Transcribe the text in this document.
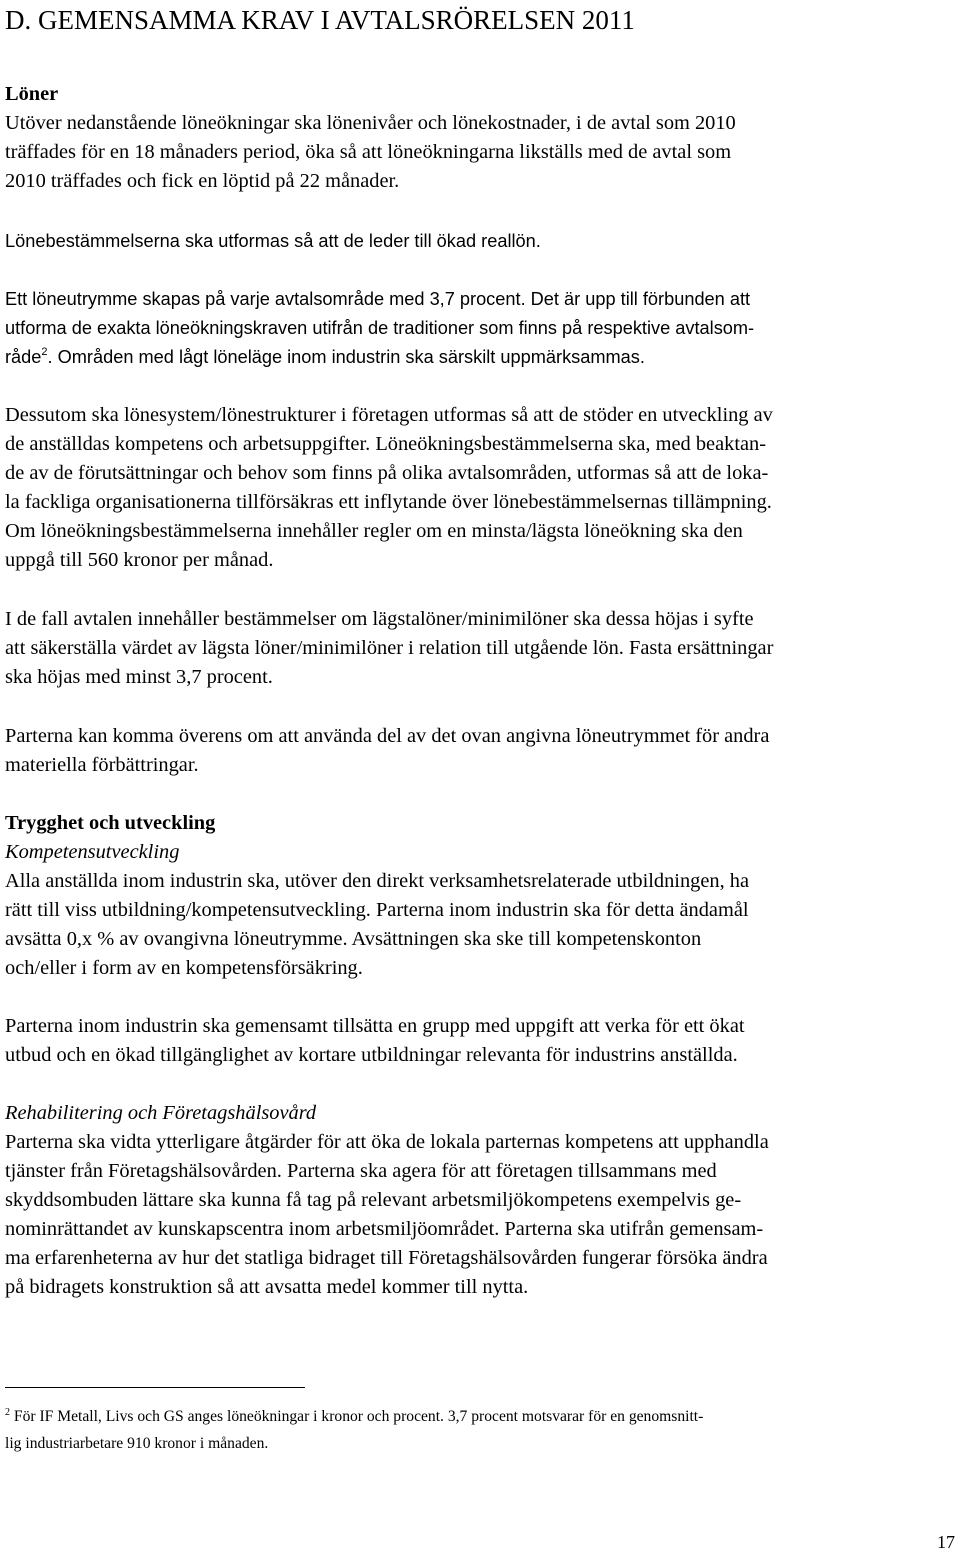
D. GEMENSAMMA KRAV I AVTALSRÖRELSEN 2011
Löner
Utöver nedanstående löneökningar ska lönenivåer och lönekostnader, i de avtal som 2010
träffades för en 18 månaders period, öka så att löneökningarna likställs med de avtal som
2010 träffades och fick en löptid på 22 månader.
Lönebestämmelserna ska utformas så att de leder till ökad reallön.
Ett löneutrymme skapas på varje avtalsområde med 3,7 procent. Det är upp till förbunden att
utforma de exakta löneökningskraven utifrån de traditioner som finns på respektive avtalsom-
råde$^2$. Områden med lågt löneläge inom industrin ska särskilt uppmärksammas.
Dessutom ska lönesystem/lönestrukturer i företagen utformas så att de stöder en utveckling av
de anställdas kompetens och arbetsuppgifter. Löneökningsbestämmelserna ska, med beaktan-
de av de förutsättningar och behov som finns på olika avtalsområden, utformas så att de loka-
la fackliga organisationerna tillförsäkras ett inflytande över lönebestämmelsernas tillämpning.
Om löneökningsbestämmelserna innehåller regler om en minsta/lägsta löneökning ska den
uppgå till 560 kronor per månad.
I de fall avtalen innehåller bestämmelser om lägstalöner/minimilöner ska dessa höjas i syfte
att säkerställa värdet av lägsta löner/minimilöner i relation till utgående lön. Fasta ersättningar
ska höjas med minst 3,7 procent.
Parterna kan komma överens om att använda del av det ovan angivna löneutrymmet för andra
materiella förbättringar.
Trygghet och utveckling
Kompetensutveckling
Alla anställda inom industrin ska, utöver den direkt verksamhetsrelaterade utbildningen, ha
rätt till viss utbildning/kompetensutveckling. Parterna inom industrin ska för detta ändamål
avsätta 0,x % av ovangivna löneutrymme. Avsättningen ska ske till kompetenskonton
och/eller i form av en kompetensförsäkring.
Parterna inom industrin ska gemensamt tillsätta en grupp med uppgift att verka för ett ökat
utbud och en ökad tillgänglighet av kortare utbildningar relevanta för industrins anställda.
Rehabilitering och Företagshälsovård
Parterna ska vidta ytterligare åtgärder för att öka de lokala parternas kompetens att upphandla
tjänster från Företagshälsovården. Parterna ska agera för att företagen tillsammans med
skyddsombuden lättare ska kunna få tag på relevant arbetsmiljökompetens exempelvis ge-
nominrättandet av kunskapscentra inom arbetsmiljöområdet. Parterna ska utifrån gemensam-
ma erfarenheterna av hur det statliga bidraget till Företagshälsovården fungerar försöka ändra
på bidragets konstruktion så att avsatta medel kommer till nytta.
$^2$ För IF Metall, Livs och GS anges löneökningar i kronor och procent. 3,7 procent motsvarar för en genomsnitt-
lig industriarbetare 910 kronor i månaden.
17
